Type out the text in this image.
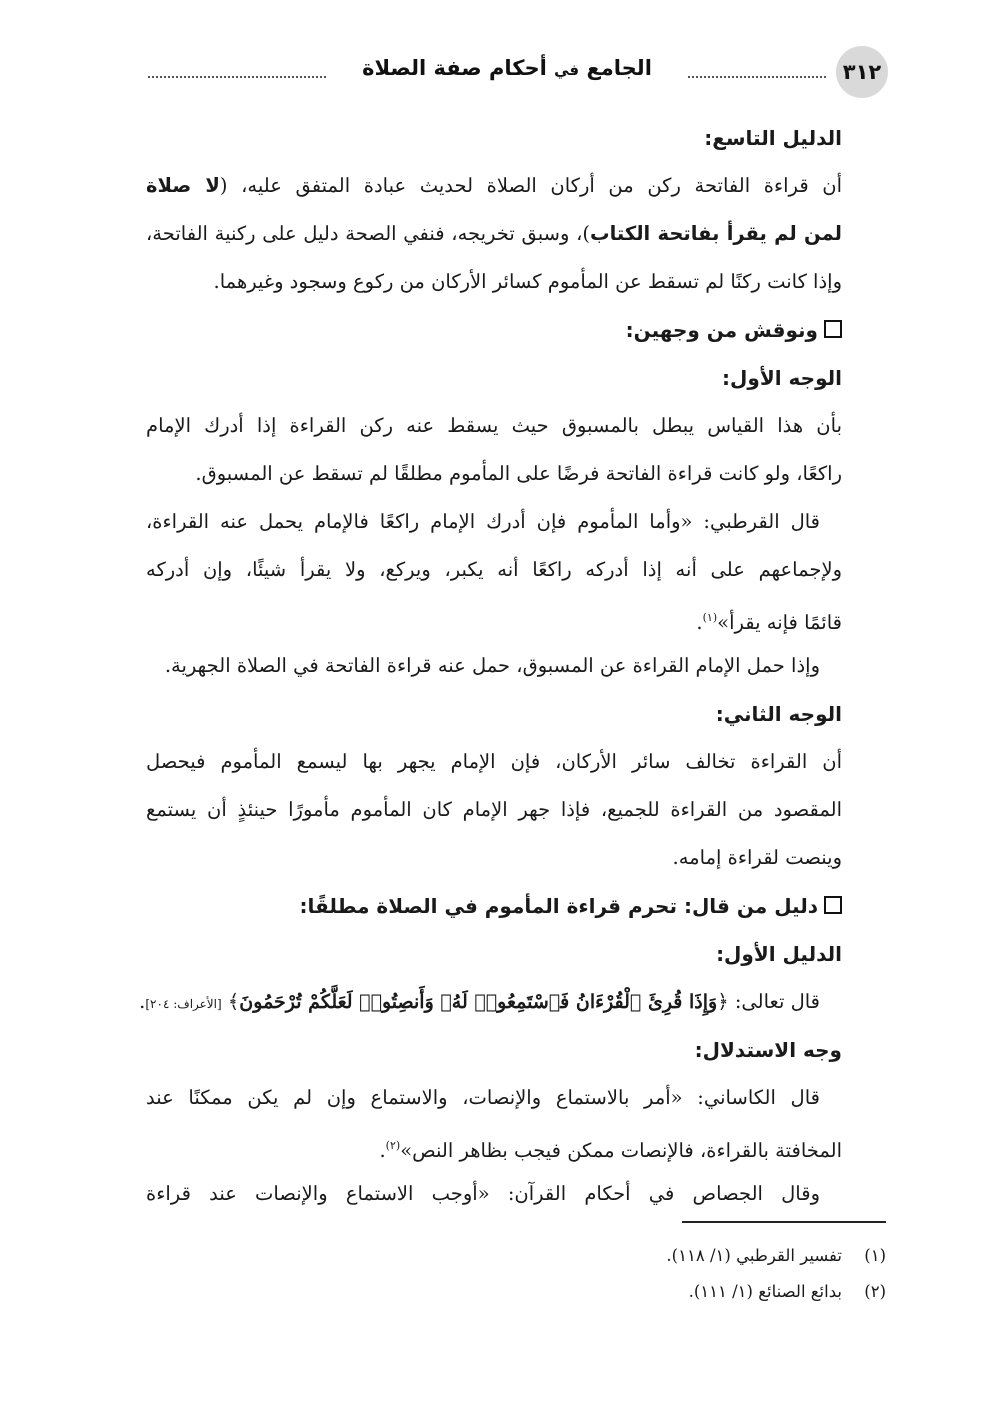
٣١٢
الجامع في أحكام صفة الصلاة
الدليل التاسع:
أن قراءة الفاتحة ركن من أركان الصلاة لحديث عبادة المتفق عليه، (لا صلاة
لمن لم يقرأ بفاتحة الكتاب)، وسبق تخريجه، فنفي الصحة دليل على ركنية الفاتحة،
وإذا كانت ركنًا لم تسقط عن المأموم كسائر الأركان من ركوع وسجود وغيرهما.
ونوقش من وجهين:
الوجه الأول:
بأن هذا القياس يبطل بالمسبوق حيث يسقط عنه ركن القراءة إذا أدرك الإمام
راكعًا، ولو كانت قراءة الفاتحة فرضًا على المأموم مطلقًا لم تسقط عن المسبوق.
قال القرطبي: «وأما المأموم فإن أدرك الإمام راكعًا فالإمام يحمل عنه القراءة،
ولإجماعهم على أنه إذا أدركه راكعًا أنه يكبر، ويركع، ولا يقرأ شيئًا، وإن أدركه
قائمًا فإنه يقرأ»$^{(١)}$.
وإذا حمل الإمام القراءة عن المسبوق، حمل عنه قراءة الفاتحة في الصلاة الجهرية.
الوجه الثاني:
أن القراءة تخالف سائر الأركان، فإن الإمام يجهر بها ليسمع المأموم فيحصل
المقصود من القراءة للجميع، فإذا جهر الإمام كان المأموم مأمورًا حينئذٍ أن يستمع
وينصت لقراءة إمامه.
دليل من قال: تحرم قراءة المأموم في الصلاة مطلقًا:
الدليل الأول:
قال تعالى: ﴿وَإِذَا قُرِئَ ٱلْقُرْءَانُ فَٱسْتَمِعُوا۟ لَهُۥ وَأَنصِتُوا۟ لَعَلَّكُمْ تُرْحَمُونَ﴾ [الأعراف: ٢٠٤].
وجه الاستدلال:
قال الكاساني: «أمر بالاستماع والإنصات، والاستماع وإن لم يكن ممكنًا عند
المخافتة بالقراءة، فالإنصات ممكن فيجب بظاهر النص»$^{(٢)}$.
وقال الجصاص في أحكام القرآن: «أوجب الاستماع والإنصات عند قراءة
(١)تفسير القرطبي (١/ ١١٨).
(٢)بدائع الصنائع (١/ ١١١).
